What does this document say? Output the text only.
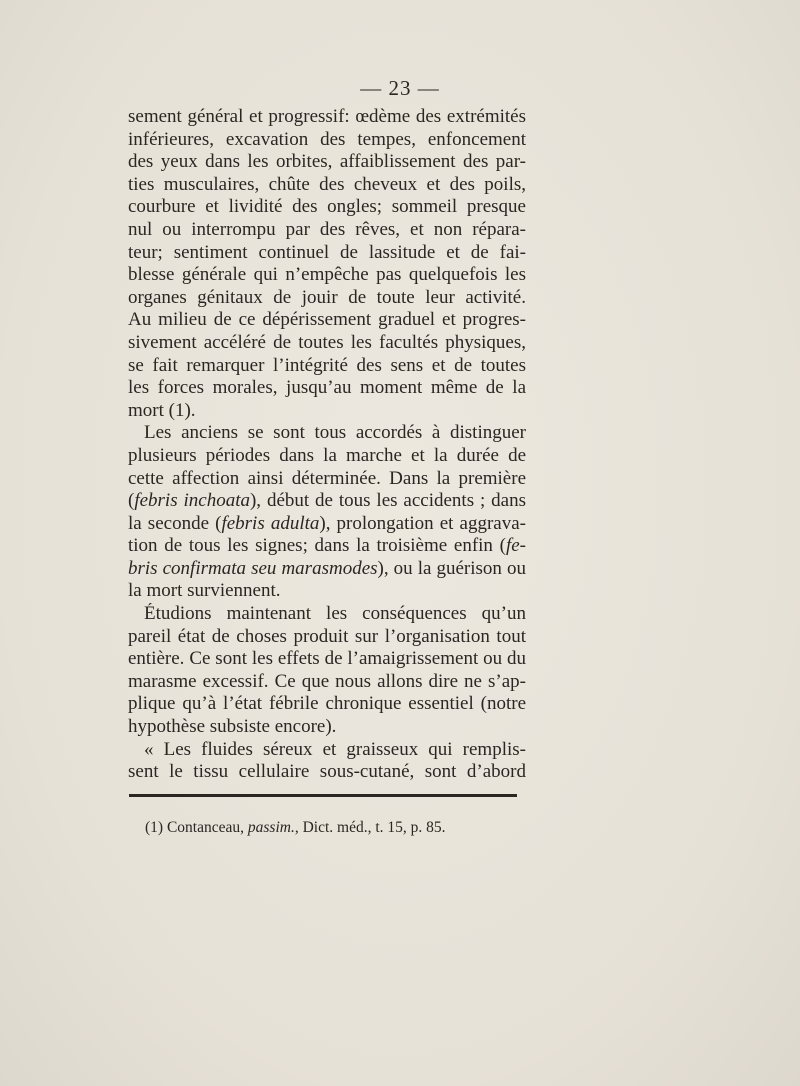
— 23 —
sement général et progressif: œdème des extrémités
inférieures, excavation des tempes, enfoncement
des yeux dans les orbites, affaiblissement des par-
ties musculaires, chûte des cheveux et des poils,
courbure et lividité des ongles; sommeil presque
nul ou interrompu par des rêves, et non répara-
teur; sentiment continuel de lassitude et de fai-
blesse générale qui n’empêche pas quelquefois les
organes génitaux de jouir de toute leur activité.
Au milieu de ce dépérissement graduel et progres-
sivement accéléré de toutes les facultés physiques,
se fait remarquer l’intégrité des sens et de toutes
les forces morales, jusqu’au moment même de la
mort (1).
Les anciens se sont tous accordés à distinguer
plusieurs périodes dans la marche et la durée de
cette affection ainsi déterminée. Dans la première
(febris inchoata), début de tous les accidents ; dans
la seconde (febris adulta), prolongation et aggrava-
tion de tous les signes; dans la troisième enfin (fe-
bris confirmata seu marasmodes), ou la guérison ou
la mort surviennent.
Étudions maintenant les conséquences qu’un
pareil état de choses produit sur l’organisation tout
entière. Ce sont les effets de l’amaigrissement ou du
marasme excessif. Ce que nous allons dire ne s’ap-
plique qu’à l’état fébrile chronique essentiel (notre
hypothèse subsiste encore).
« Les fluides séreux et graisseux qui remplis-
sent le tissu cellulaire sous-cutané, sont d’abord
(1) Contanceau, passim., Dict. méd., t. 15, p. 85.
